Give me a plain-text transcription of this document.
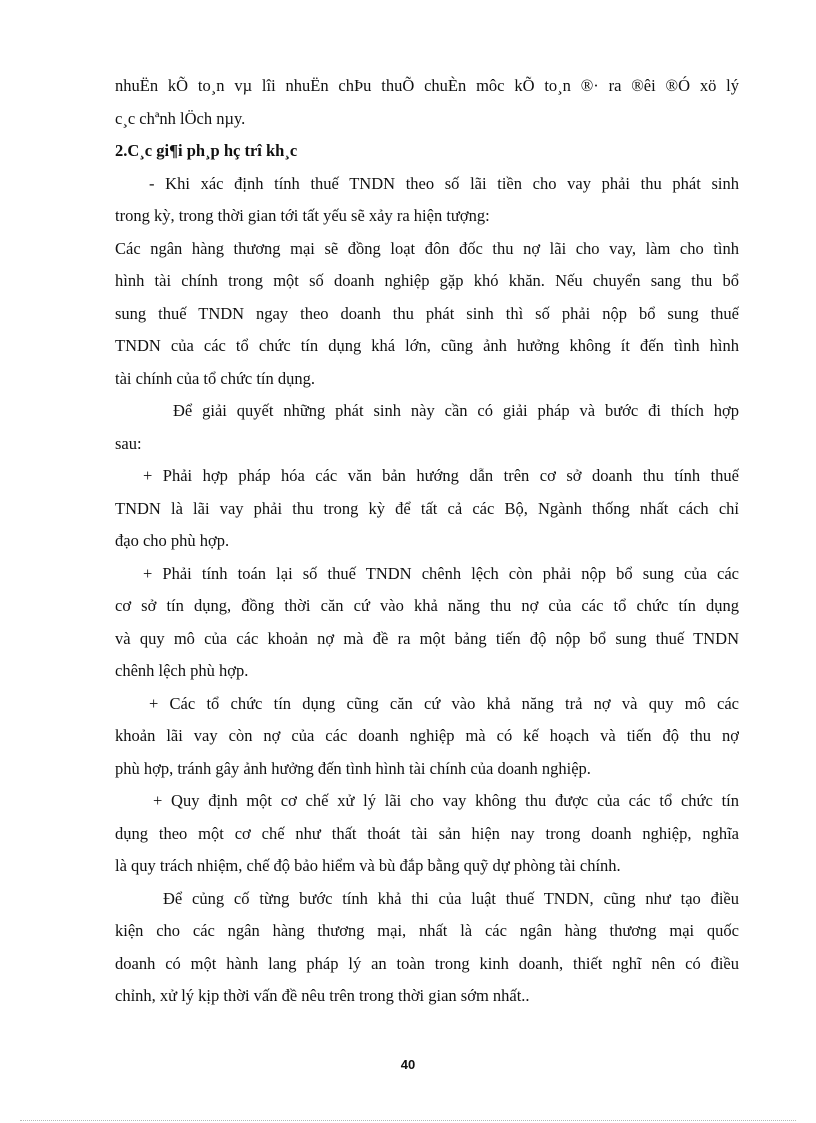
nhuËn kÕ to¸n vµ lîi nhuËn chÞu thuÕ chuÈn môc kÕ to¸n ®· ra ®êi ®Ó xö lý
c¸c chªnh lÖch nµy.
2.C¸c gi¶i ph¸p hç trî kh¸c
- Khi xác định tính thuế TNDN theo số lãi tiền cho vay phải thu phát sinh
trong kỳ, trong thời gian tới tất yếu sẽ xảy ra hiện tượng:
Các ngân hàng thương mại sẽ đồng loạt đôn đốc thu nợ lãi cho vay, làm cho tình
hình tài chính trong một số doanh nghiệp gặp khó khăn. Nếu chuyển sang thu bổ
sung thuế TNDN ngay theo doanh thu phát sinh thì số phải nộp bổ sung thuế
TNDN của các tổ chức tín dụng khá lớn, cũng ảnh hưởng không ít đến tình hình
tài chính của tổ chức tín dụng.
Để giải quyết những phát sinh này cần có giải pháp và bước đi thích hợp
sau:
+ Phải hợp pháp hóa các văn bản hướng dẫn trên cơ sở doanh thu tính thuế
TNDN là lãi vay phải thu trong kỳ để tất cả các Bộ, Ngành thống nhất cách chỉ
đạo cho phù hợp.
+ Phải tính toán lại số thuế TNDN chênh lệch còn phải nộp bổ sung của các
cơ sở tín dụng, đồng thời căn cứ vào khả năng thu nợ của các tổ chức tín dụng
và quy mô của các khoản nợ mà đề ra một bảng tiến độ nộp bổ sung thuế TNDN
chênh lệch phù hợp.
+ Các tổ chức tín dụng cũng căn cứ vào khả năng trả nợ và quy mô các
khoản lãi vay còn nợ của các doanh nghiệp mà có kế hoạch và tiến độ thu nợ
phù hợp, tránh gây ảnh hưởng đến tình hình tài chính của doanh nghiệp.
+ Quy định một cơ chế xử lý lãi cho vay không thu được của các tổ chức tín
dụng theo một cơ chế như thất thoát tài sản hiện nay trong doanh nghiệp, nghĩa
là quy trách nhiệm, chế độ bảo hiểm và bù đắp bằng quỹ dự phòng tài chính.
Để củng cố từng bước tính khả thi của luật thuế TNDN, cũng như tạo điều
kiện cho các ngân hàng thương mại, nhất là các ngân hàng thương mại quốc
doanh có một hành lang pháp lý an toàn trong kinh doanh, thiết nghĩ nên có điều
chỉnh, xử lý kịp thời vấn đề nêu trên trong thời gian sớm nhất..
40
